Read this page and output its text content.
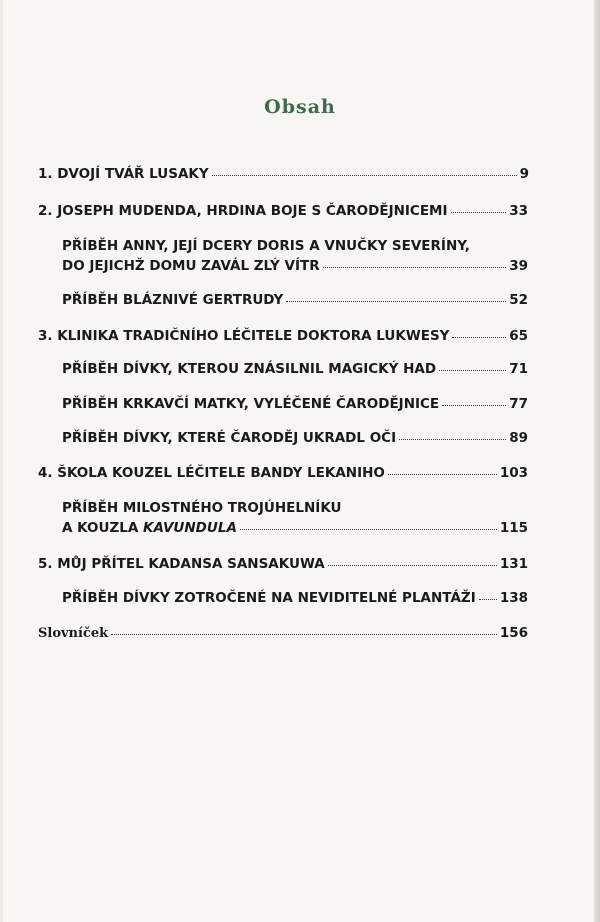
Obsah
1. DVOJÍ TVÁŘ LUSAKY	9
2. JOSEPH MUDENDA, HRDINA BOJE S ČARODĚJNICEMI	33
PŘÍBĚH ANNY, JEJÍ DCERY DORIS A VNUČKY SEVERÍNY,
DO JEJICHŽ DOMU ZAVÁL ZLÝ VÍTR	39
PŘÍBĚH BLÁZNIVÉ GERTRUDY	52
3. KLINIKA TRADIČNÍHO LÉČITELE DOKTORA LUKWESY	65
PŘÍBĚH DÍVKY, KTEROU ZNÁSILNIL MAGICKÝ HAD	71
PŘÍBĚH KRKAVČÍ MATKY, VYLÉČENÉ ČARODĚJNICE	77
PŘÍBĚH DÍVKY, KTERÉ ČARODĚJ UKRADL OČI	89
4. ŠKOLA KOUZEL LÉČITELE BANDY LEKANIHO	103
PŘÍBĚH MILOSTNÉHO TROJÚHELNÍKU
A KOUZLA KAVUNDULA	115
5. MŮJ PŘÍTEL KADANSA SANSAKUWA	131
PŘÍBĚH DÍVKY ZOTROČENÉ NA NEVIDITELNÉ PLANTÁŽI 138
Slovníček	156
